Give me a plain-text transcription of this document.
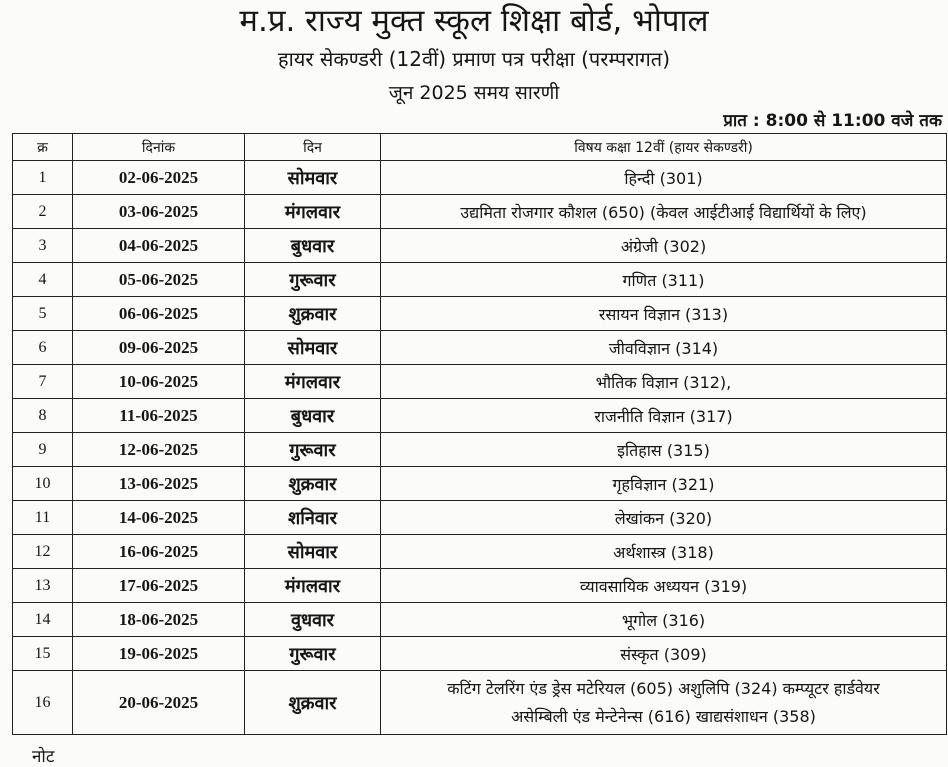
म.प्र. राज्य मुक्त स्कूल शिक्षा बोर्ड, भोपाल
हायर सेकण्डरी (12वीं) प्रमाण पत्र परीक्षा (परम्परागत)
जून 2025 समय सारणी
प्रात : 8:00 से 11:00 वजे तक
क्र	दिनांक	दिन	विषय कक्षा 12वीं (हायर सेकण्डरी)
1	02-06-2025	सोमवार	हिन्दी (301)
2	03-06-2025	मंगलवार	उद्यमिता रोजगार कौशल (650) (केवल आईटीआई विद्यार्थियों के लिए)
3	04-06-2025	बुधवार	अंग्रेजी (302)
4	05-06-2025	गुरूवार	गणित (311)
5	06-06-2025	शुक्रवार	रसायन विज्ञान (313)
6	09-06-2025	सोमवार	जीवविज्ञान (314)
7	10-06-2025	मंगलवार	भौतिक विज्ञान (312),
8	11-06-2025	बुधवार	राजनीति विज्ञान (317)
9	12-06-2025	गुरूवार	इतिहास (315)
10	13-06-2025	शुक्रवार	गृहविज्ञान (321)
11	14-06-2025	शनिवार	लेखांकन (320)
12	16-06-2025	सोमवार	अर्थशास्त्र (318)
13	17-06-2025	मंगलवार	व्यावसायिक अध्ययन (319)
14	18-06-2025	वुधवार	भूगोल (316)
15	19-06-2025	गुरूवार	संस्कृत (309)
16	20-06-2025	शुक्रवार	कटिंग टेलरिंग एंड ड्रेस मटेरियल (605) अशुलिपि (324) कम्प्यूटर हार्डवेयर
असेम्बिली एंड मेन्टेनेन्स (616) खाद्यसंशाधन (358)
नोट
